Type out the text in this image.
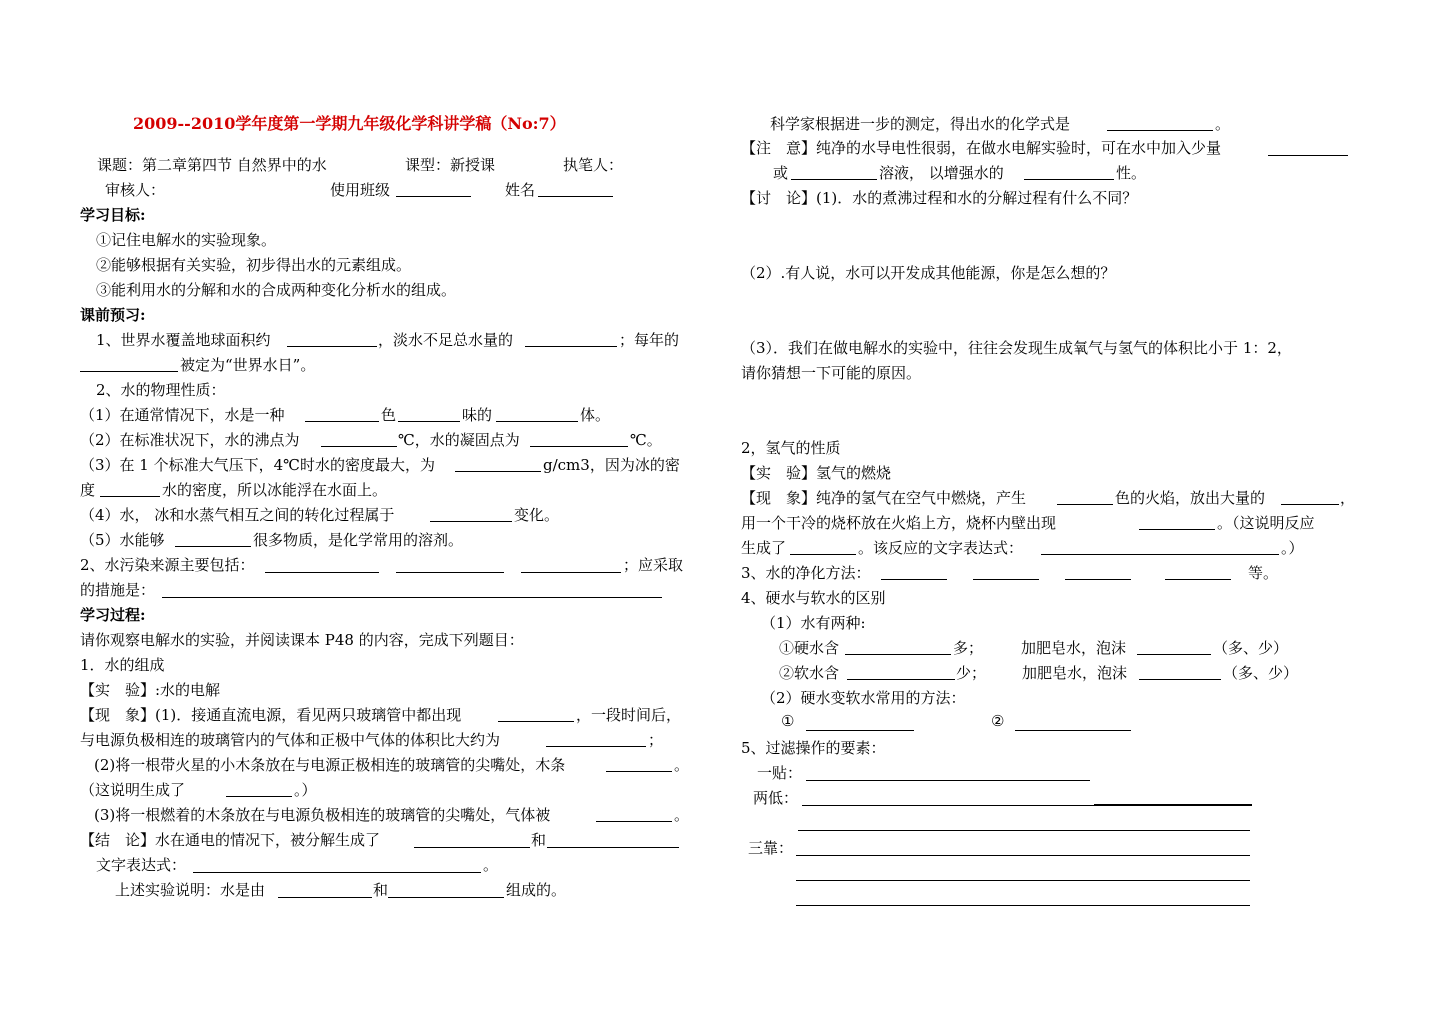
2009--2010学年度第一学期九年级化学科讲学稿（No:7）
课题：第二章第四节 自然界中的水	课型：新授课	执笔人：
审核人：	使用班级	姓名
学习目标:
①记住电解水的实验现象。
②能够根据有关实验，初步得出水的元素组成。
③能利用水的分解和水的合成两种变化分析水的组成。
课前预习:
1、世界水覆盖地球面积约	，淡水不足总水量的	；每年的
被定为“世界水日”。
2、水的物理性质：
（1）在通常情况下，水是一种	色	味的	体。
（2）在标准状况下，水的沸点为	℃，水的凝固点为	℃。
（3）在 1 个标准大气压下，4℃时水的密度最大，为	g/cm3，因为冰的密
度	水的密度，所以冰能浮在水面上。
（4）水， 冰和水蒸气相互之间的转化过程属于	变化。
（5）水能够	很多物质，是化学常用的溶剂。
2、水污染来源主要包括：	；应采取
的措施是：
学习过程:
请你观察电解水的实验，并阅读课本 P48 的内容，完成下列题目：
1．水的组成
【实　验】:水的电解
【现　象】(1)．接通直流电源，看见两只玻璃管中都出现	，一段时间后，
与电源负极相连的玻璃管内的气体和正极中气体的体积比大约为	；
(2)将一根带火星的小木条放在与电源正极相连的玻璃管的尖嘴处，木条	。
（这说明生成了	。）
(3)将一根燃着的木条放在与电源负极相连的玻璃管的尖嘴处，气体被	。
【结　论】水在通电的情况下，被分解生成了	和
文字表达式：	。
上述实验说明：水是由	和	组成的。
科学家根据进一步的测定，得出水的化学式是	。
【注　意】纯净的水导电性很弱，在做水电解实验时，可在水中加入少量
或	溶液， 以增强水的	性。
【讨　论】(1)．水的煮沸过程和水的分解过程有什么不同？
（2）.有人说，水可以开发成其他能源，你是怎么想的？
（3）．我们在做电解水的实验中，往往会发现生成氧气与氢气的体积比小于 1：2，
请你猜想一下可能的原因。
2，氢气的性质
【实　验】氢气的燃烧
【现　象】纯净的氢气在空气中燃烧，产生	色的火焰，放出大量的	，
用一个干冷的烧杯放在火焰上方，烧杯内壁出现	。（这说明反应
生成了	。该反应的文字表达式：	。）
3、水的净化方法：	等。
4、硬水与软水的区别
（1）水有两种:
①硬水含	多；	加肥皂水，泡沫	（多、少）
②软水含	少； 加肥皂水，泡沫	（多、少）
（2）硬水变软水常用的方法：
①	②
5、过滤操作的要素：
一贴：
两低：
三靠：
